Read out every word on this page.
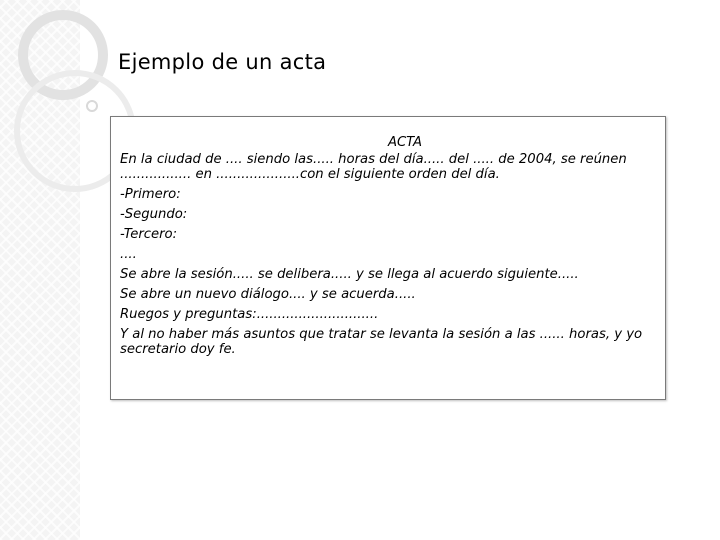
Ejemplo de un acta
ACTA
En la ciudad de .... siendo las..... horas del día..... del ..... de 2004, se reúnen ................. en ....................con el siguiente orden del día.
-Primero:
-Segundo:
-Tercero:
....
Se abre la sesión..... se delibera..... y se llega al acuerdo siguiente.....
Se abre un nuevo diálogo.... y se acuerda.....
Ruegos y preguntas:.............................
Y al no haber más asuntos que tratar se levanta la sesión a las ...... horas, y yo secretario doy fe.
